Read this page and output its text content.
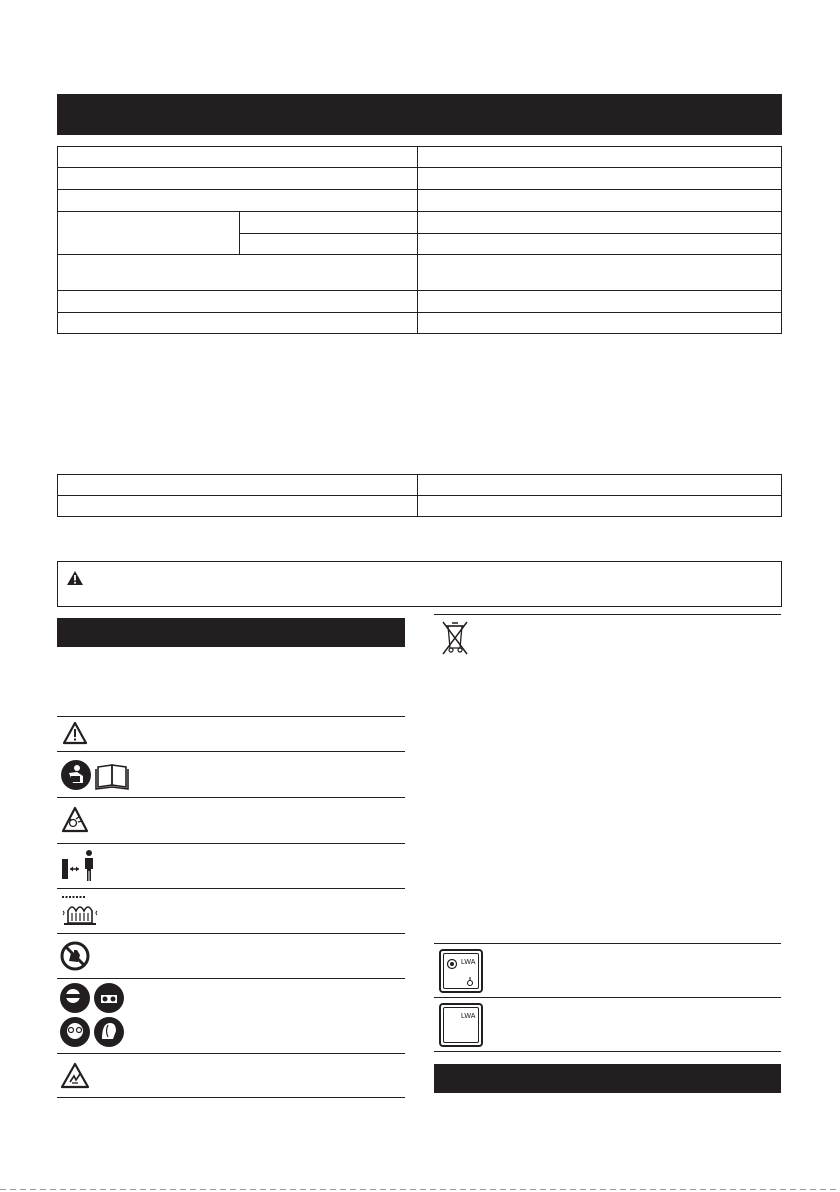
LWA
LWA
